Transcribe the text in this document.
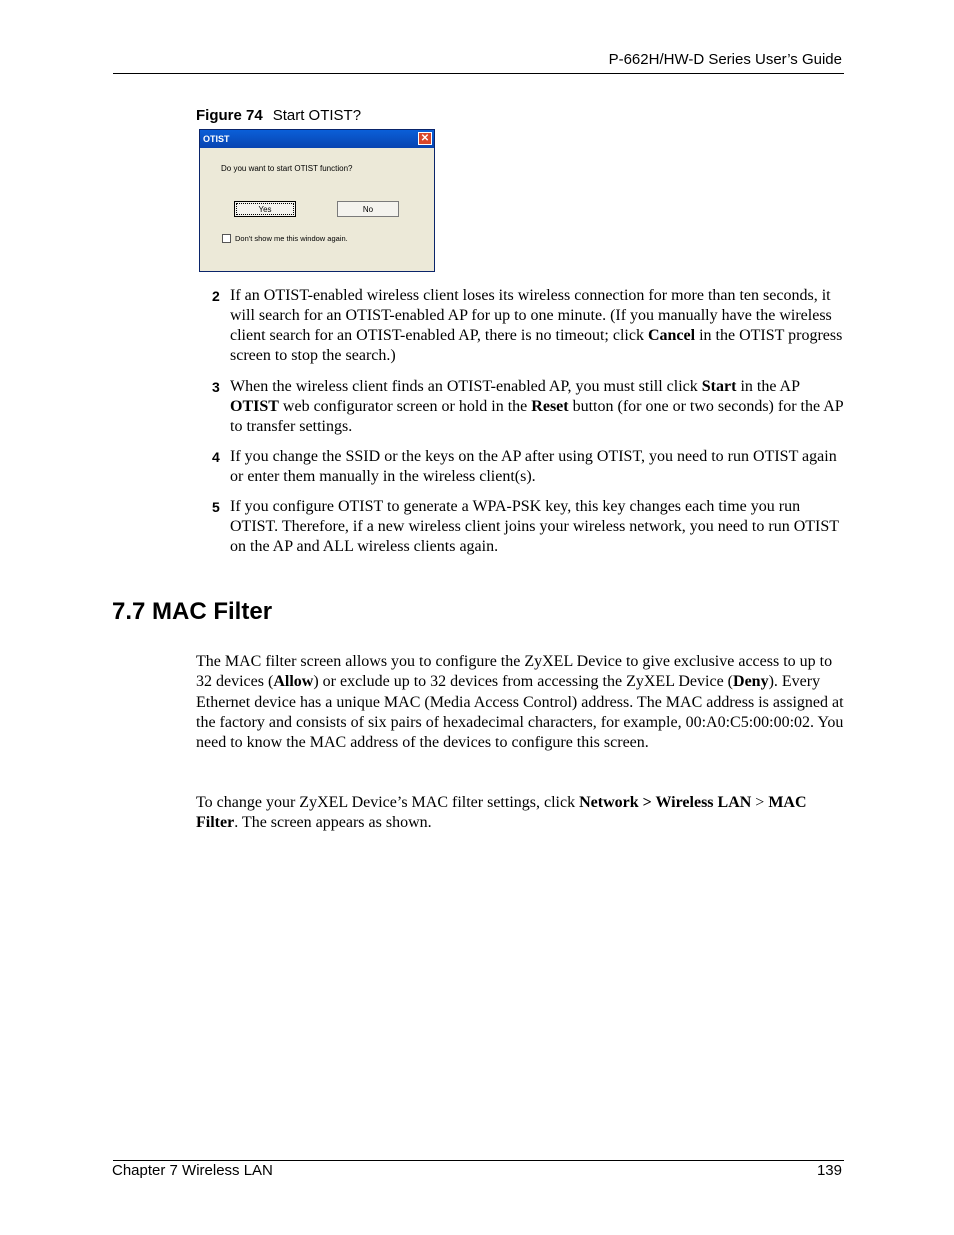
P-662H/HW-D Series User’s Guide
Figure 74 Start OTIST?
OTIST	✕
Do you want to start OTIST function?
Yes	No
Don't show me this window again.
2 If an OTIST-enabled wireless client loses its wireless connection for more than ten seconds, it will search for an OTIST-enabled AP for up to one minute. (If you manually have the wireless client search for an OTIST-enabled AP, there is no timeout; click Cancel in the OTIST progress screen to stop the search.)
3 When the wireless client finds an OTIST-enabled AP, you must still click Start in the AP OTIST web configurator screen or hold in the Reset button (for one or two seconds) for the AP to transfer settings.
4 If you change the SSID or the keys on the AP after using OTIST, you need to run OTIST again or enter them manually in the wireless client(s).
5 If you configure OTIST to generate a WPA-PSK key, this key changes each time you run OTIST. Therefore, if a new wireless client joins your wireless network, you need to run OTIST on the AP and ALL wireless clients again.
7.7 MAC Filter
The MAC filter screen allows you to configure the ZyXEL Device to give exclusive access to up to 32 devices (Allow) or exclude up to 32 devices from accessing the ZyXEL Device (Deny). Every Ethernet device has a unique MAC (Media Access Control) address. The MAC address is assigned at the factory and consists of six pairs of hexadecimal characters, for example, 00:A0:C5:00:00:02. You need to know the MAC address of the devices to configure this screen.
To change your ZyXEL Device’s MAC filter settings, click Network > Wireless LAN > MAC Filter. The screen appears as shown.
Chapter 7 Wireless LAN	139
